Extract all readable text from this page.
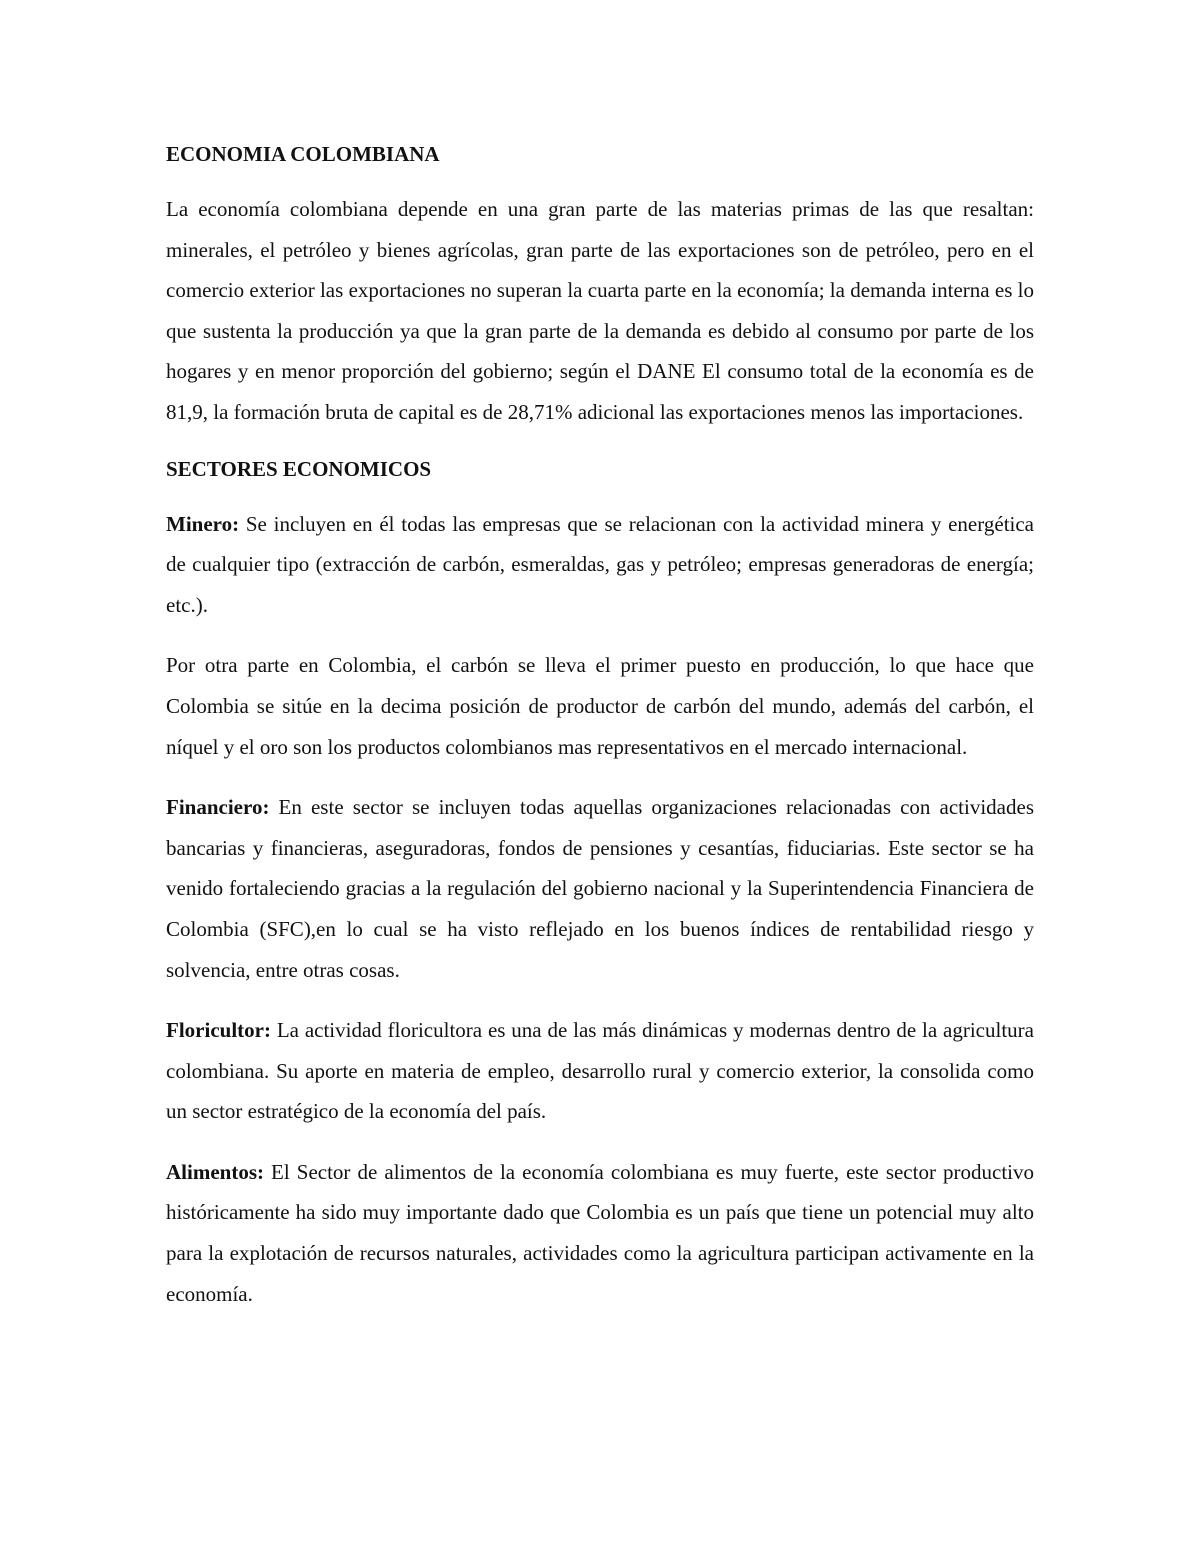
ECONOMIA COLOMBIANA

La economía colombiana depende en una gran parte de las materias primas de las que resaltan: minerales, el petróleo y bienes agrícolas, gran parte de las exportaciones son de petróleo, pero en el comercio exterior las exportaciones no superan la cuarta parte en la economía; la demanda interna es lo que sustenta la producción ya que la gran parte de la demanda es debido al consumo por parte de los hogares y en menor proporción del gobierno; según el DANE El consumo total de la economía es de 81,9, la formación bruta de capital es de 28,71% adicional las exportaciones menos las importaciones.

SECTORES ECONOMICOS

Minero: Se incluyen en él todas las empresas que se relacionan con la actividad minera y energética de cualquier tipo (extracción de carbón, esmeraldas, gas y petróleo; empresas generadoras de energía; etc.).

Por otra parte en Colombia, el carbón se lleva el primer puesto en producción, lo que hace que Colombia se sitúe en la decima posición de productor de carbón del mundo, además del carbón, el níquel y el oro son los productos colombianos mas representativos en el mercado internacional.

Financiero: En este sector se incluyen todas aquellas organizaciones relacionadas con actividades bancarias y financieras, aseguradoras, fondos de pensiones y cesantías, fiduciarias. Este sector se ha venido fortaleciendo gracias a la regulación del gobierno nacional y la Superintendencia Financiera de Colombia (SFC),en lo cual se ha visto reflejado en los buenos índices de rentabilidad riesgo y solvencia, entre otras cosas.

Floricultor: La actividad floricultora es una de las más dinámicas y modernas dentro de la agricultura colombiana. Su aporte en materia de empleo, desarrollo rural y comercio exterior, la consolida como un sector estratégico de la economía del país.

Alimentos: El Sector de alimentos de la economía colombiana es muy fuerte, este sector productivo históricamente ha sido muy importante dado que Colombia es un país que tiene un potencial muy alto para la explotación de recursos naturales, actividades como la agricultura participan activamente en la economía.
